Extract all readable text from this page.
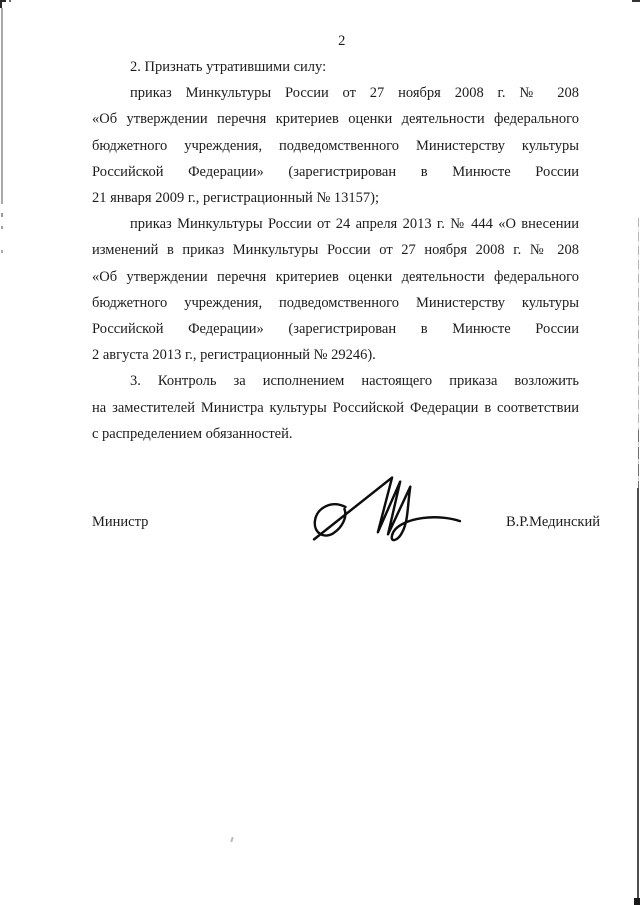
2
2. Признать утратившими силу:
приказ Минкультуры России от 27 ноября 2008 г. № 208
«Об утверждении перечня критериев оценки деятельности федерального
бюджетного учреждения, подведомственного Министерству культуры
Российской Федерации» (зарегистрирован в Минюсте России
21 января 2009 г., регистрационный № 13157);
приказ Минкультуры России от 24 апреля 2013 г. № 444 «О внесении
изменений в приказ Минкультуры России от 27 ноября 2008 г. № 208
«Об утверждении перечня критериев оценки деятельности федерального
бюджетного учреждения, подведомственного Министерству культуры
Российской Федерации» (зарегистрирован в Минюсте России
2 августа 2013 г., регистрационный № 29246).
3. Контроль за исполнением настоящего приказа возложить
на заместителей Министра культуры Российской Федерации в соответствии
с распределением обязанностей.
Министр	В.Р.Мединский
